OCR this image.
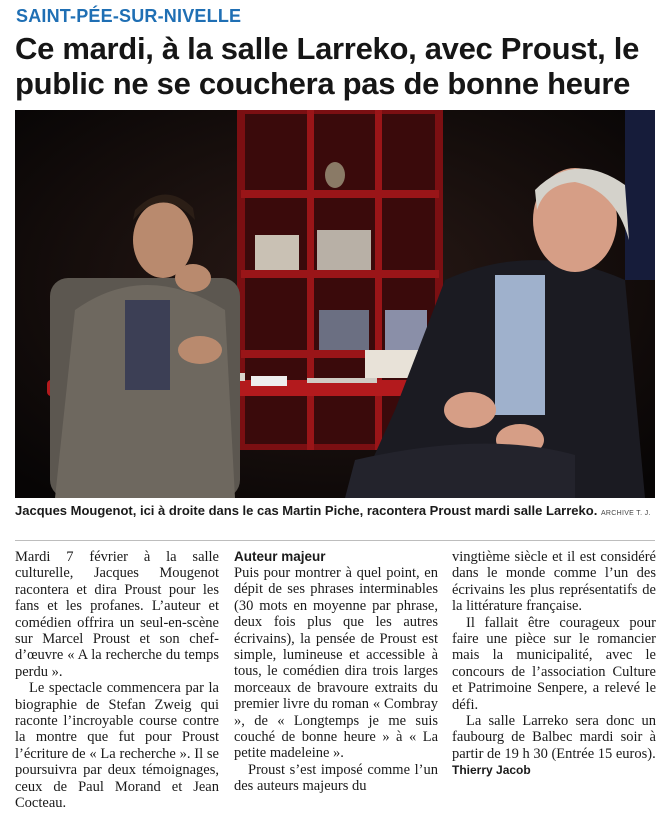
SAINT-PÉE-SUR-NIVELLE
Ce mardi, à la salle Larreko, avec Proust, le public ne se couchera pas de bonne heure

Jacques Mougenot, ici à droite dans le cas Martin Piche, racontera Proust mardi salle Larreko. ARCHIVE T. J.

Mardi 7 février à la salle culturelle, Jacques Mougenot racontera et dira Proust pour les fans et les profanes. L’auteur et comédien offrira un seul-en-scène sur Marcel Proust et son chef-d’œuvre « A la recherche du temps perdu ».

Le spectacle commencera par la biographie de Stefan Zweig qui raconte l’incroyable course contre la montre que fut pour Proust l’écriture de « La recherche ». Il se poursuivra par deux témoignages, ceux de Paul Morand et Jean Cocteau.

Auteur majeur

Puis pour montrer à quel point, en dépit de ses phrases interminables (30 mots en moyenne par phrase, deux fois plus que les autres écrivains), la pensée de Proust est simple, lumineuse et accessible à tous, le comédien dira trois larges morceaux de bravoure extraits du premier livre du roman « Combray », de « Longtemps je me suis couché de bonne heure » à « La petite madeleine ».

Proust s’est imposé comme l’un des auteurs majeurs du

vingtième siècle et il est considéré dans le monde comme l’un des écrivains les plus représentatifs de la littérature française.

Il fallait être courageux pour faire une pièce sur le romancier mais la municipalité, avec le concours de l’association Culture et Patrimoine Senpere, a relevé le défi.

La salle Larreko sera donc un faubourg de Balbec mardi soir à partir de 19 h 30 (Entrée 15 euros).

Thierry Jacob
